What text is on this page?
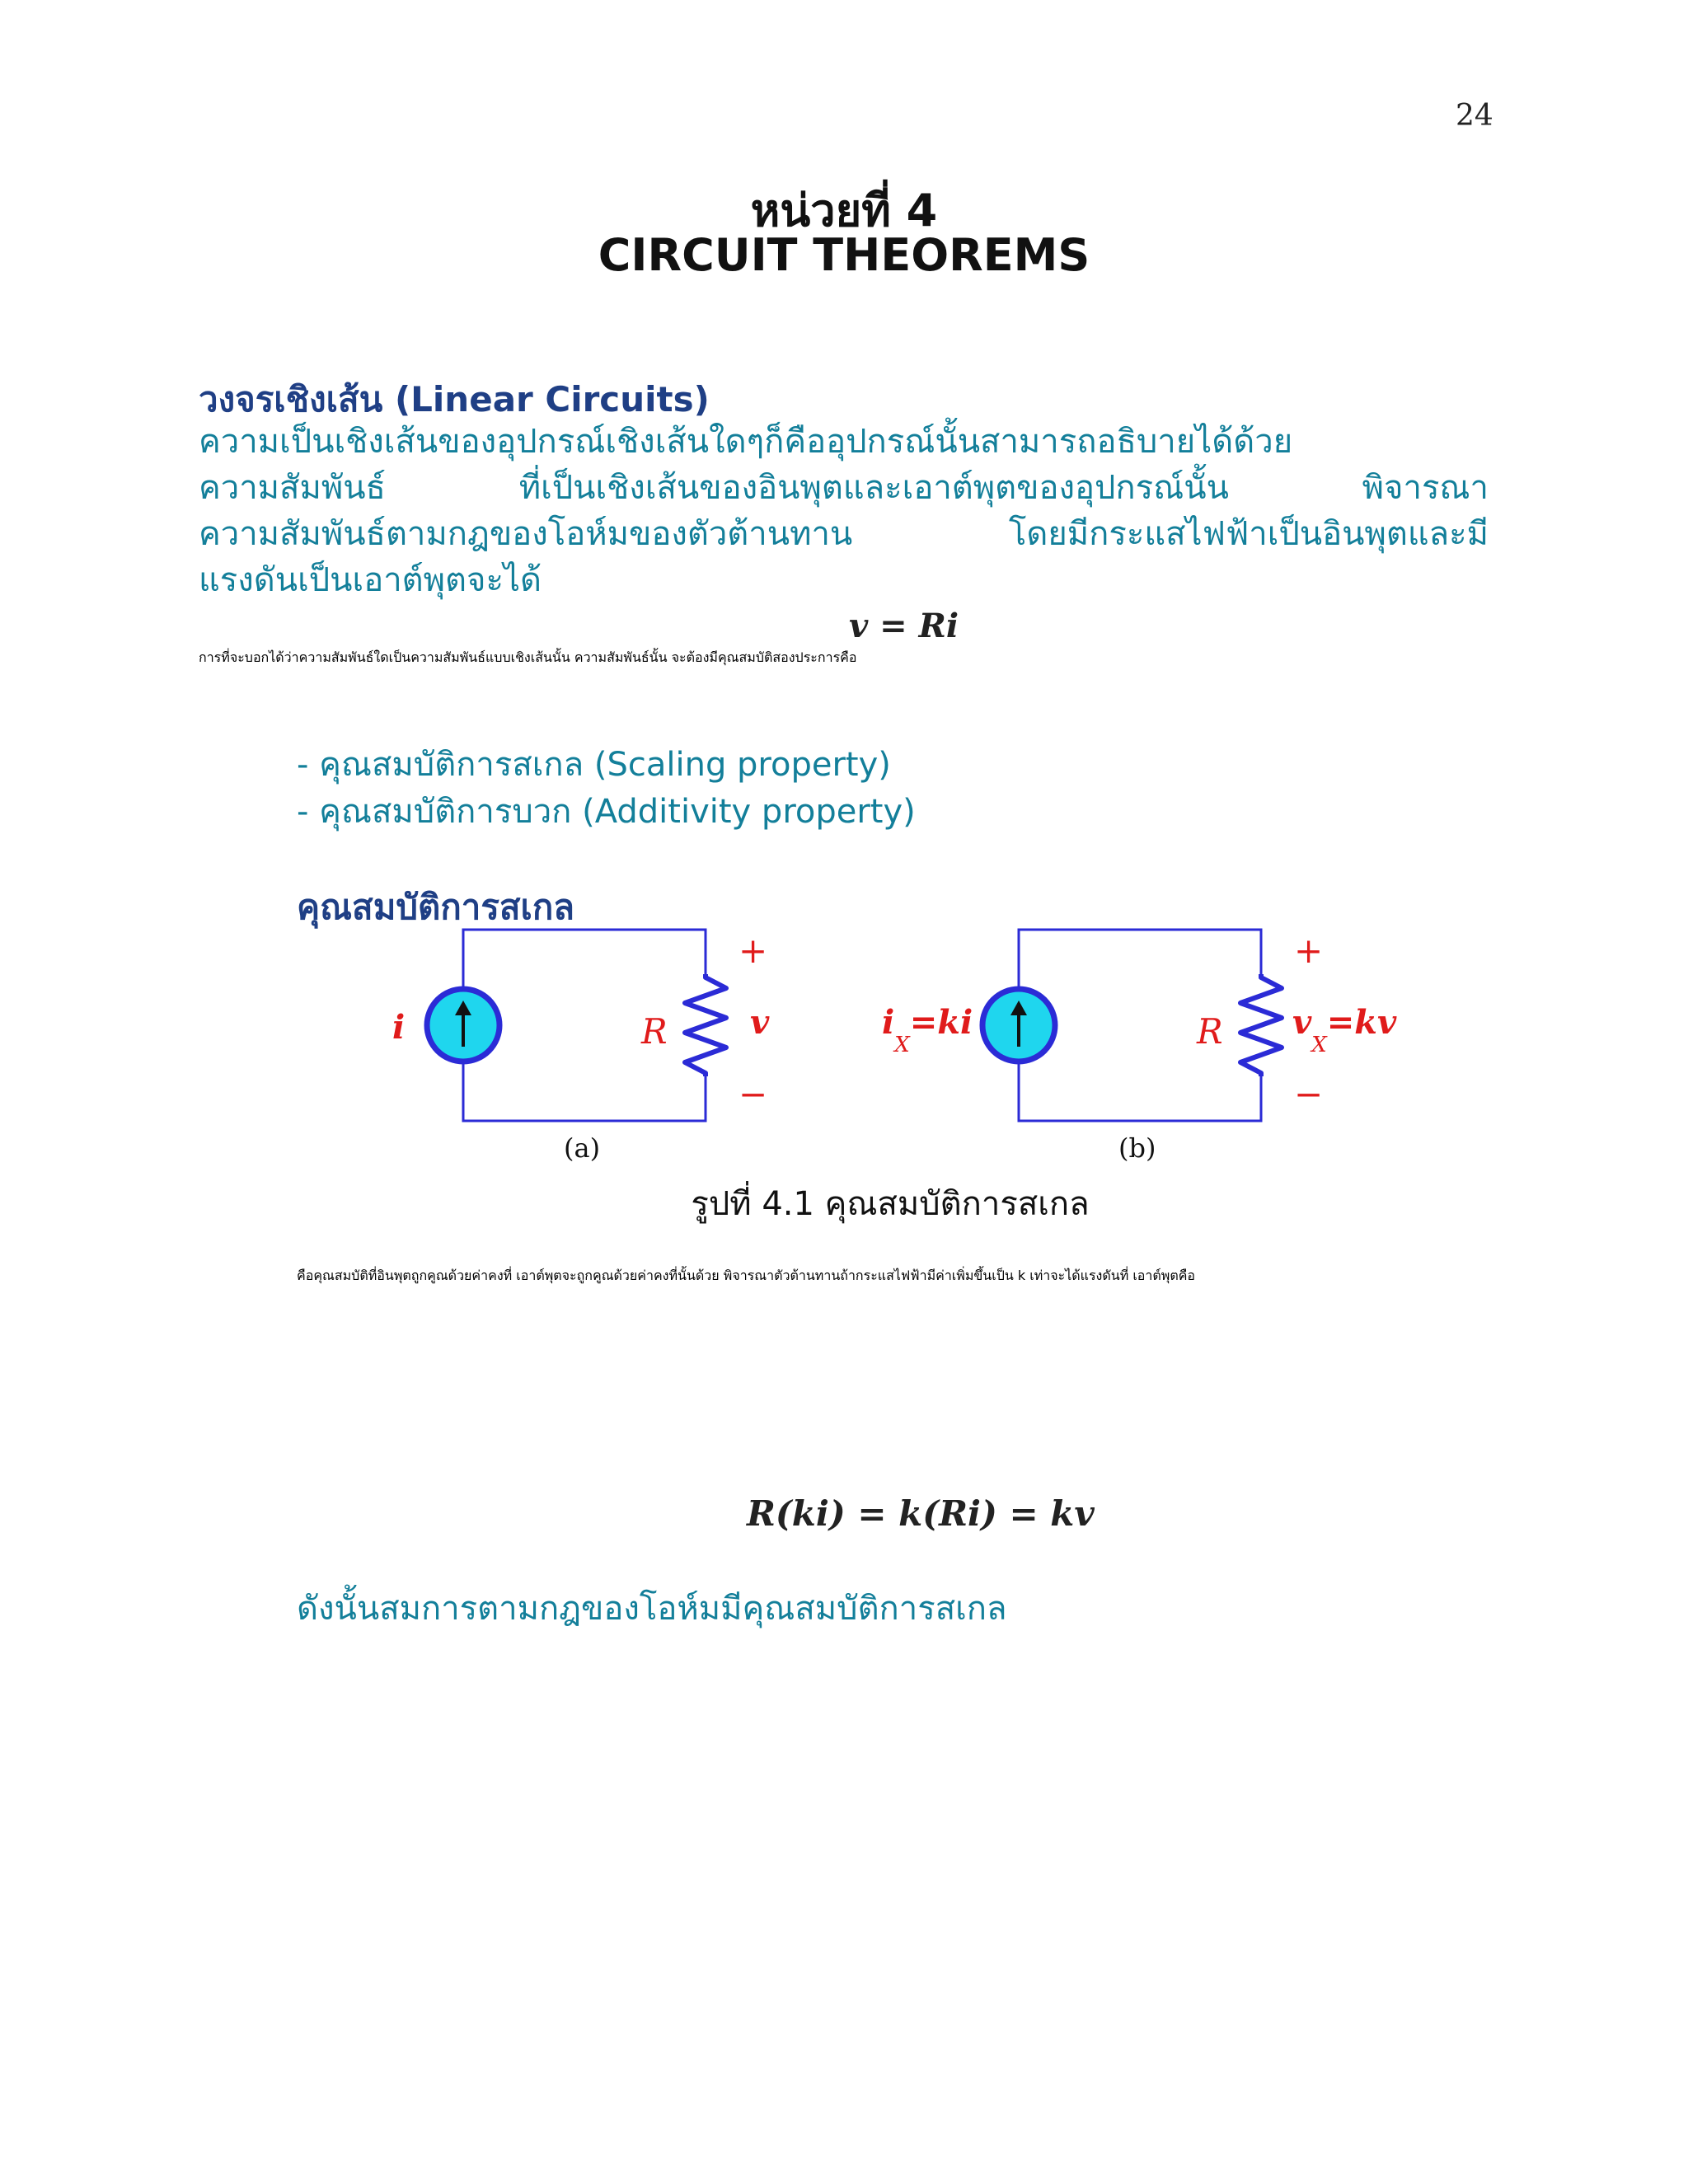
24
หน่วยที่ 4
CIRCUIT THEOREMS
วงจรเชิงเส้น (Linear Circuits)
ความเป็นเชิงเส้นของอุปกรณ์เชิงเส้นใดๆก็คืออุปกรณ์นั้นสามารถอธิบายได้ด้วย
ความสัมพันธ์ ที่เป็นเชิงเส้นของอินพุตและเอาต์พุตของอุปกรณ์นั้น พิจารณา
ความสัมพันธ์ตามกฎของโอห์มของตัวต้านทาน โดยมีกระแสไฟฟ้าเป็นอินพุตและมี
แรงดันเป็นเอาต์พุตจะได้
v = Ri
การที่จะบอกได้ว่าความสัมพันธ์ใดเป็นความสัมพันธ์แบบเชิงเส้นนั้น ความสัมพันธ์นั้น จะต้องมีคุณสมบัติสองประการคือ
- คุณสมบัติการสเกล (Scaling property)
- คุณสมบัติการบวก (Additivity property)
คุณสมบัติการสเกล
i	R	v
+
−
(a)
$i_X=ki$	R $v_X=kv$
+
−
(b)
รูปที่ 4.1 คุณสมบัติการสเกล
คือคุณสมบัติที่อินพุตถูกคูณด้วยค่าคงที่ เอาต์พุตจะถูกคูณด้วยค่าคงที่นั้นด้วย พิจารณาตัวต้านทานถ้ากระแสไฟฟ้ามีค่าเพิ่มขึ้นเป็น k เท่าจะได้แรงดันที่ เอาต์พุตคือ
R(ki) = k(Ri) = kv
ดังนั้นสมการตามกฎของโอห์มมีคุณสมบัติการสเกล
